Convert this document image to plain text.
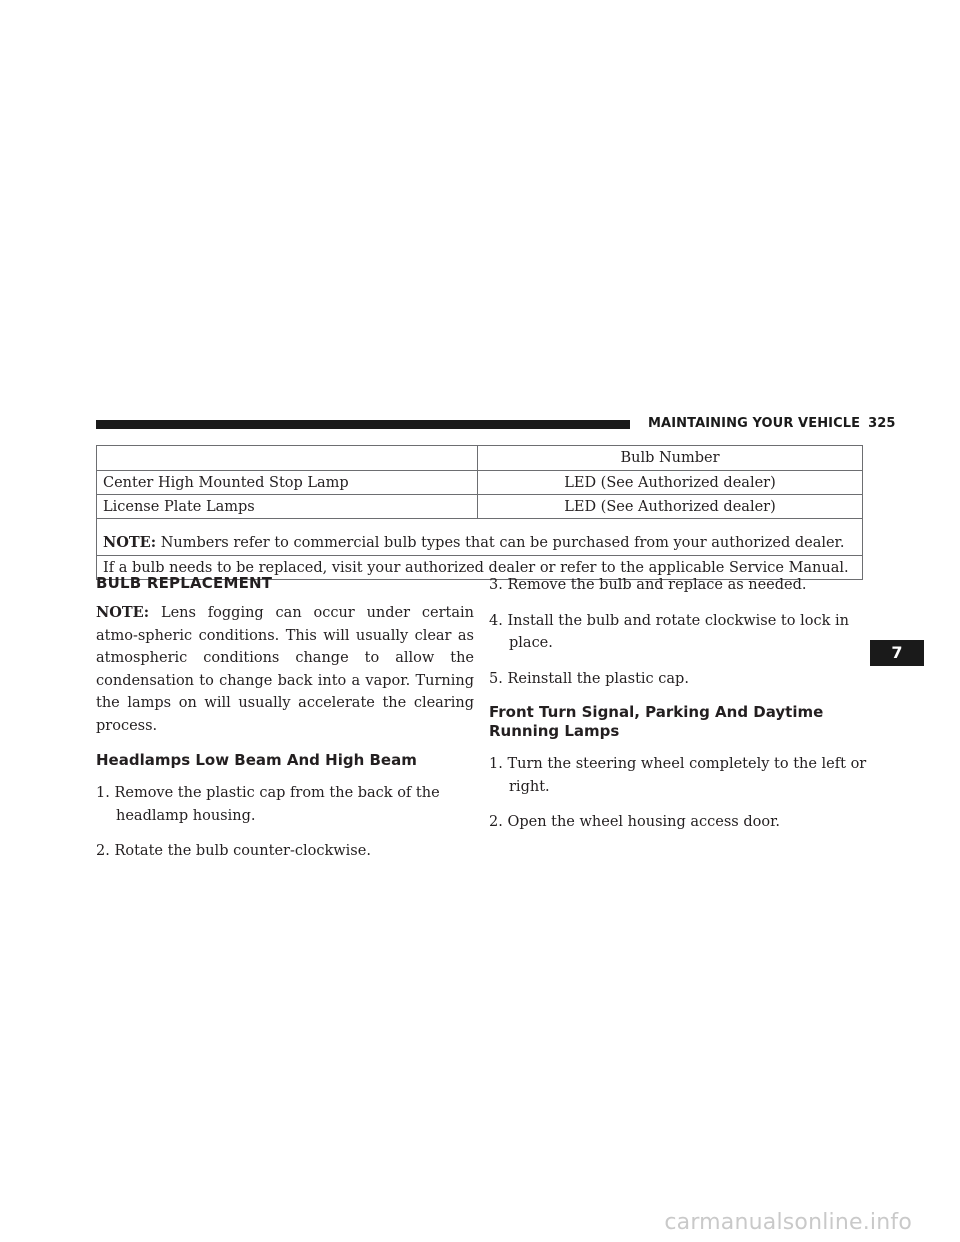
MAINTAINING YOUR VEHICLE 325
	Bulb Number
Center High Mounted Stop Lamp	LED (See Authorized dealer)
License Plate Lamps	LED (See Authorized dealer)
NOTE: Numbers refer to commercial bulb types that can be purchased from your authorized dealer.	
If a bulb needs to be replaced, visit your authorized dealer or refer to the applicable Service Manual.	
BULB REPLACEMENT

NOTE: Lens fogging can occur under certain atmo-spheric conditions. This will usually clear as atmospheric conditions change to allow the condensation to change back into a vapor. Turning the lamps on will usually accelerate the clearing process.

Headlamps Low Beam And High Beam

1. Remove the plastic cap from the back of the headlamp housing.

2. Rotate the bulb counter-clockwise.

3. Remove the bulb and replace as needed.

4. Install the bulb and rotate clockwise to lock in place.

5. Reinstall the plastic cap.

Front Turn Signal, Parking And Daytime Running Lamps

1. Turn the steering wheel completely to the left or right.

2. Open the wheel housing access door.

7
carmanualsonline.info
